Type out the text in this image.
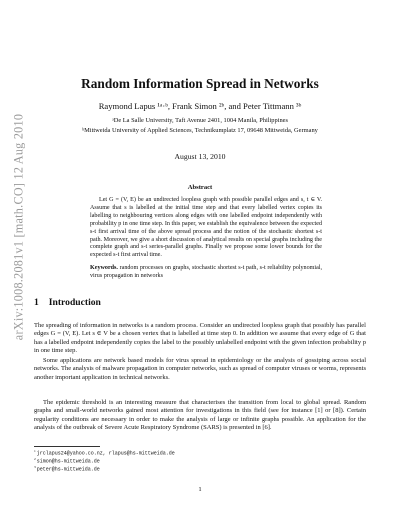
arXiv:1008.2081v1 [math.CO] 12 Aug 2010
Random Information Spread in Networks
Raymond Lapus ¹ᵃ·ᵇ, Frank Simon ²ᵇ, and Peter Tittmann ³ᵇ
ᵃDe La Salle University, Taft Avenue 2401, 1004 Manila, Philippines
ᵇMittweida University of Applied Sciences, Technikumplatz 17, 09648 Mittweida, Germany
August 13, 2010
Abstract

Let G = (V, E) be an undirected loopless graph with possible parallel edges and s, t ∈ V. Assume that s is labelled at the initial time step and that every labelled vertex copies its labelling to neighbouring vertices along edges with one labelled endpoint independently with probability p in one time step. In this paper, we establish the equivalence between the expected s-t first arrival time of the above spread process and the notion of the stochastic shortest s-t path. Moreover, we give a short discussion of analytical results on special graphs including the complete graph and s-t series-parallel graphs. Finally we propose some lower bounds for the expected s-t first arrival time.

Keywords. random processes on graphs, stochastic shortest s-t path, s-t reliability polynomial, virus propagation in networks

1 Introduction

The spreading of information in networks is a random process. Consider an undirected loopless graph that possibly has parallel edges G = (V, E). Let s ∈ V be a chosen vertex that is labelled at time step 0. In addition we assume that every edge of G that has a labelled endpoint independently copies the label to the possibly unlabelled endpoint with the given infection probability p in one time step.

Some applications are network based models for virus spread in epidemiology or the analysis of gossiping across social networks. The analysis of malware propagation in computer networks, such as spread of computer viruses or worms, represents another important application in technical networks.

The epidemic threshold is an interesting measure that characterises the transition from local to global spread. Random graphs and small-world networks gained most attention for investigations in this field (see for instance [1] or [8]). Certain regularity conditions are necessary in order to make the analysis of large or infinite graphs possible. An application for the analysis of the outbreak of Severe Acute Respiratory Syndrome (SARS) is presented in [6].

$^1$jrclapus24@yahoo.co.nz, rlapus@hs-mittweida.de
$^2$simon@hs-mittweida.de
$^3$peter@hs-mittweida.de
1
